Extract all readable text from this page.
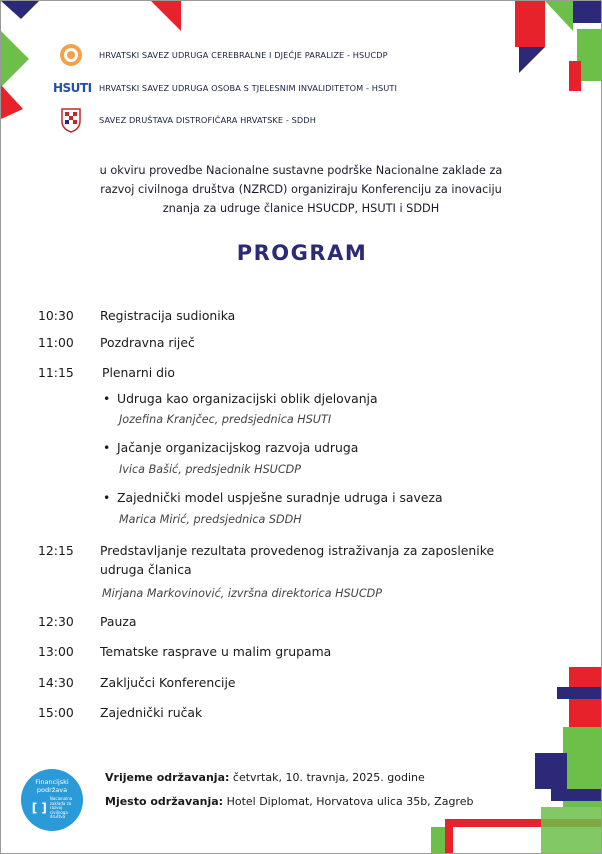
HRVATSKI SAVEZ UDRUGA CEREBRALNE I DJEČJE PARALIZE - HSUCDP
HSUTI HRVATSKI SAVEZ UDRUGA OSOBA S TJELESNIM INVALIDITETOM - HSUTI
SAVEZ DRUŠTAVA DISTROFIČARA HRVATSKE - SDDH
u okviru provedbe Nacionalne sustavne podrške Nacionalne zaklade za
razvoj civilnoga društva (NZRCD) organiziraju Konferenciju za inovaciju
znanja za udruge članice HSUCDP, HSUTI i SDDH
PROGRAM
10:30 Registracija sudionika
11:00 Pozdravna riječ
11:15 Plenarni dio
• Udruga kao organizacijski oblik djelovanja
Jozefina Kranjčec, predsjednica HSUTI
• Jačanje organizacijskog razvoja udruga
Ivica Bašić, predsjednik HSUCDP
• Zajednički model uspješne suradnje udruga i saveza
Marica Mirić, predsjednica SDDH
12:15 Predstavljanje rezultata provedenog istraživanja za zaposlenike
udruga članica
Mirjana Markovinović, izvršna direktorica HSUCDP
12:30 Pauza
13:00 Tematske rasprave u malim grupama
14:30 Zaključci Konferencije
15:00 Zajednički ručak
Vrijeme održavanja: četvrtak, 10. travnja, 2025. godine
Mjesto održavanja: Hotel Diplomat, Horvatova ulica 35b, Zagreb
Financijski
podržava
[ ]
Nacionalna
zaklada za
razvoj
civilnoga
društva
